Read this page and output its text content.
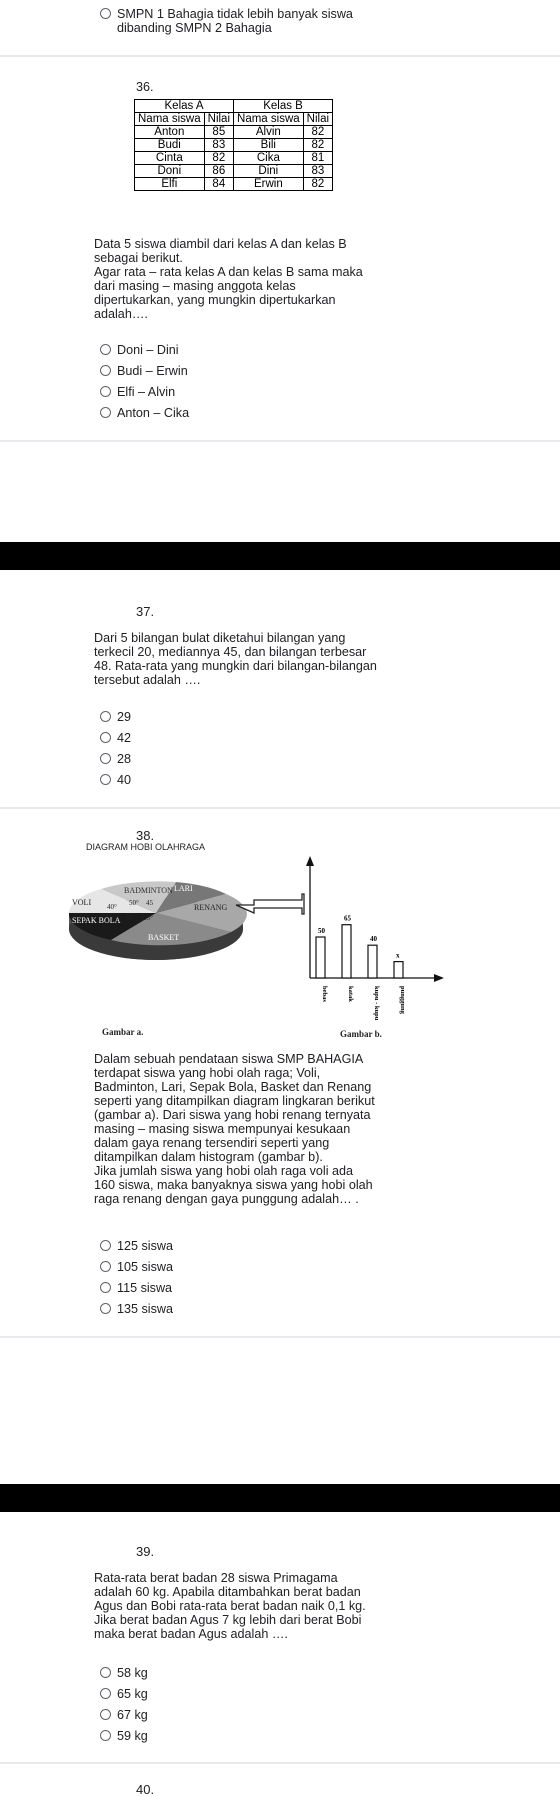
SMPN 1 Bahagia tidak lebih banyak siswa
dibanding SMPN 2 Bahagia
36.
Kelas A		Kelas B	
Nama siswa	Nilai	Nama siswa	Nilai
Anton	85	Alvin	82
Budi	83	Bili	82
Cinta	82	Cika	81
Doni	86	Dini	83
Elfi	84	Erwin	82
Data 5 siswa diambil dari kelas A dan kelas B
sebagai berikut.
Agar rata – rata kelas A dan kelas B sama maka
dari masing – masing anggota kelas
dipertukarkan, yang mungkin dipertukarkan
adalah….
Doni – Dini
Budi – Erwin
Elfi – Alvin
Anton – Cika
37.
Dari 5 bilangan bulat diketahui bilangan yang
terkecil 20, mediannya 45, dan bilangan terbesar
48. Rata-rata yang mungkin dari bilangan-bilangan
tersebut adalah ….
29
42
28
40
38.
DIAGRAM HOBI OLAHRAGA
BADMINTON LARI
VOLI
RENANG
SEPAK BOLA
BASKET
40° 50° 45
80° 65°
50
bebas
65
katak
40
kupu - kupu
x
punggung
Gambar a.	Gambar b.
Dalam sebuah pendataan siswa SMP BAHAGIA
terdapat siswa yang hobi olah raga; Voli,
Badminton, Lari, Sepak Bola, Basket dan Renang
seperti yang ditampilkan diagram lingkaran berikut
(gambar a). Dari siswa yang hobi renang ternyata
masing – masing siswa mempunyai kesukaan
dalam gaya renang tersendiri seperti yang
ditampilkan dalam histogram (gambar b).
Jika jumlah siswa yang hobi olah raga voli ada
160 siswa, maka banyaknya siswa yang hobi olah
raga renang dengan gaya punggung adalah… .
125 siswa
105 siswa
115 siswa
135 siswa
39.
Rata-rata berat badan 28 siswa Primagama
adalah 60 kg. Apabila ditambahkan berat badan
Agus dan Bobi rata-rata berat badan naik 0,1 kg.
Jika berat badan Agus 7 kg lebih dari berat Bobi
maka berat badan Agus adalah ….
58 kg
65 kg
67 kg
59 kg
40.
